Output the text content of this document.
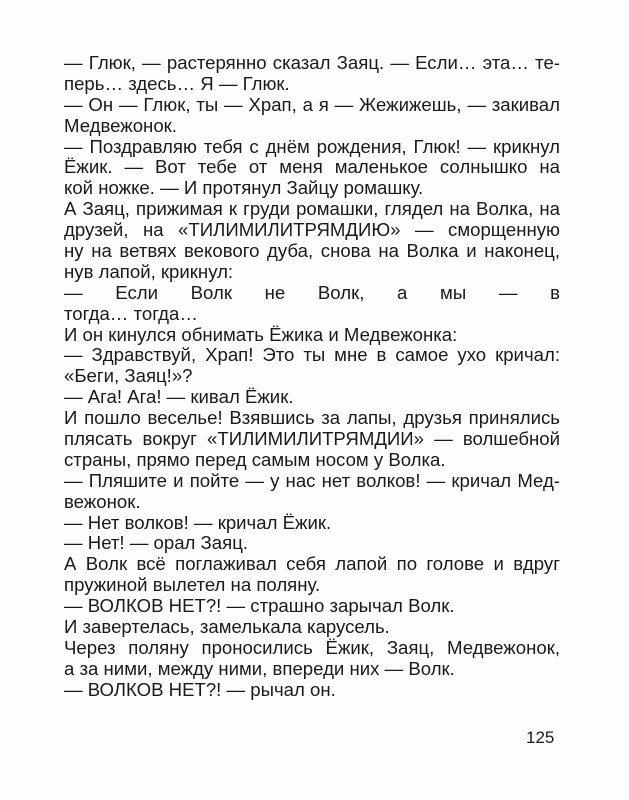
— Глюк, — растерянно сказал Заяц. — Если… эта… те-
перь… здесь… Я — Глюк.
— Он — Глюк, ты — Храп, а я — Жежижешь, — закивал
Медвежонок.
— Поздравляю тебя с днём рождения, Глюк! — крикнул
Ёжик. — Вот тебе от меня маленькое солнышко на
кой ножке. — И протянул Зайцу ромашку.
А Заяц, прижимая к груди ромашки, глядел на Волка, на
друзей, на «ТИЛИМИЛИТРЯМДИЮ» — сморщенную
ну на ветвях векового дуба, снова на Волка и наконец,
нув лапой, крикнул:
— Если Волк не Волк, а мы — в
тогда… тогда…
И он кинулся обнимать Ёжика и Медвежонка:
— Здравствуй, Храп! Это ты мне в самое ухо кричал:
«Беги, Заяц!»?
— Ага! Ага! — кивал Ёжик.
И пошло веселье! Взявшись за лапы, друзья принялись
плясать вокруг «ТИЛИМИЛИТРЯМДИИ» — волшебной
страны, прямо перед самым носом у Волка.
— Пляшите и пойте — у нас нет волков! — кричал Мед-
вежонок.
— Нет волков! — кричал Ёжик.
— Нет! — орал Заяц.
А Волк всё поглаживал себя лапой по голове и вдруг
пружиной вылетел на поляну.
— ВОЛКОВ НЕТ?! — страшно зарычал Волк.
И завертелась, замелькала карусель.
Через поляну проносились Ёжик, Заяц, Медвежонок,
а за ними, между ними, впереди них — Волк.
— ВОЛКОВ НЕТ?! — рычал он.
125
